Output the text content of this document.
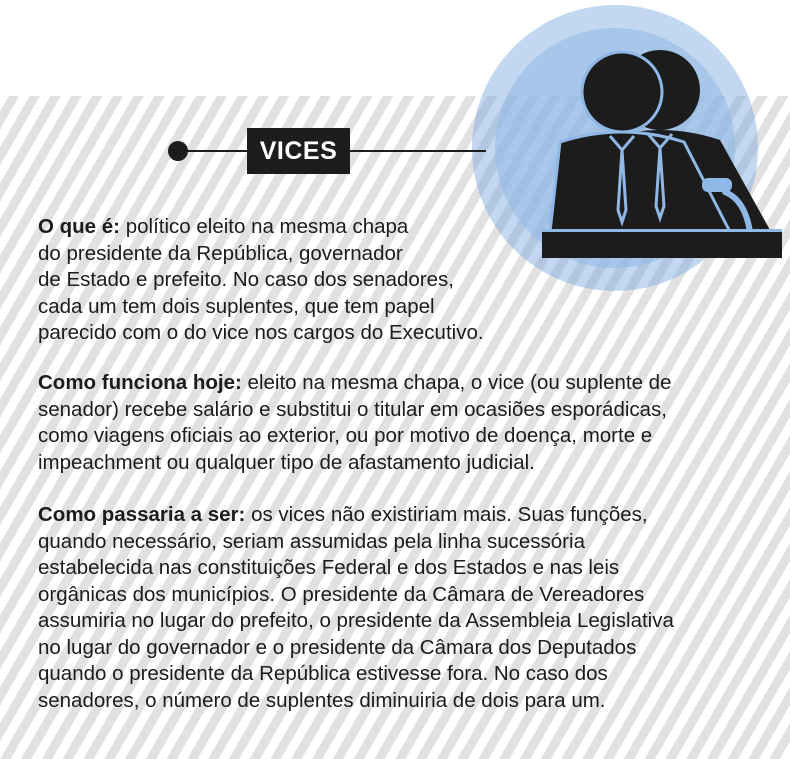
VICES

O que é: político eleito na mesma chapa
do presidente da República, governador
de Estado e prefeito. No caso dos senadores,
cada um tem dois suplentes, que tem papel
parecido com o do vice nos cargos do Executivo.

Como funciona hoje: eleito na mesma chapa, o vice (ou suplente de
senador) recebe salário e substitui o titular em ocasiões esporádicas,
como viagens oficiais ao exterior, ou por motivo de doença, morte e
impeachment ou qualquer tipo de afastamento judicial.

Como passaria a ser: os vices não existiriam mais. Suas funções,
quando necessário, seriam assumidas pela linha sucessória
estabelecida nas constituições Federal e dos Estados e nas leis
orgânicas dos municípios. O presidente da Câmara de Vereadores
assumiria no lugar do prefeito, o presidente da Assembleia Legislativa
no lugar do governador e o presidente da Câmara dos Deputados
quando o presidente da República estivesse fora. No caso dos
senadores, o número de suplentes diminuiria de dois para um.
